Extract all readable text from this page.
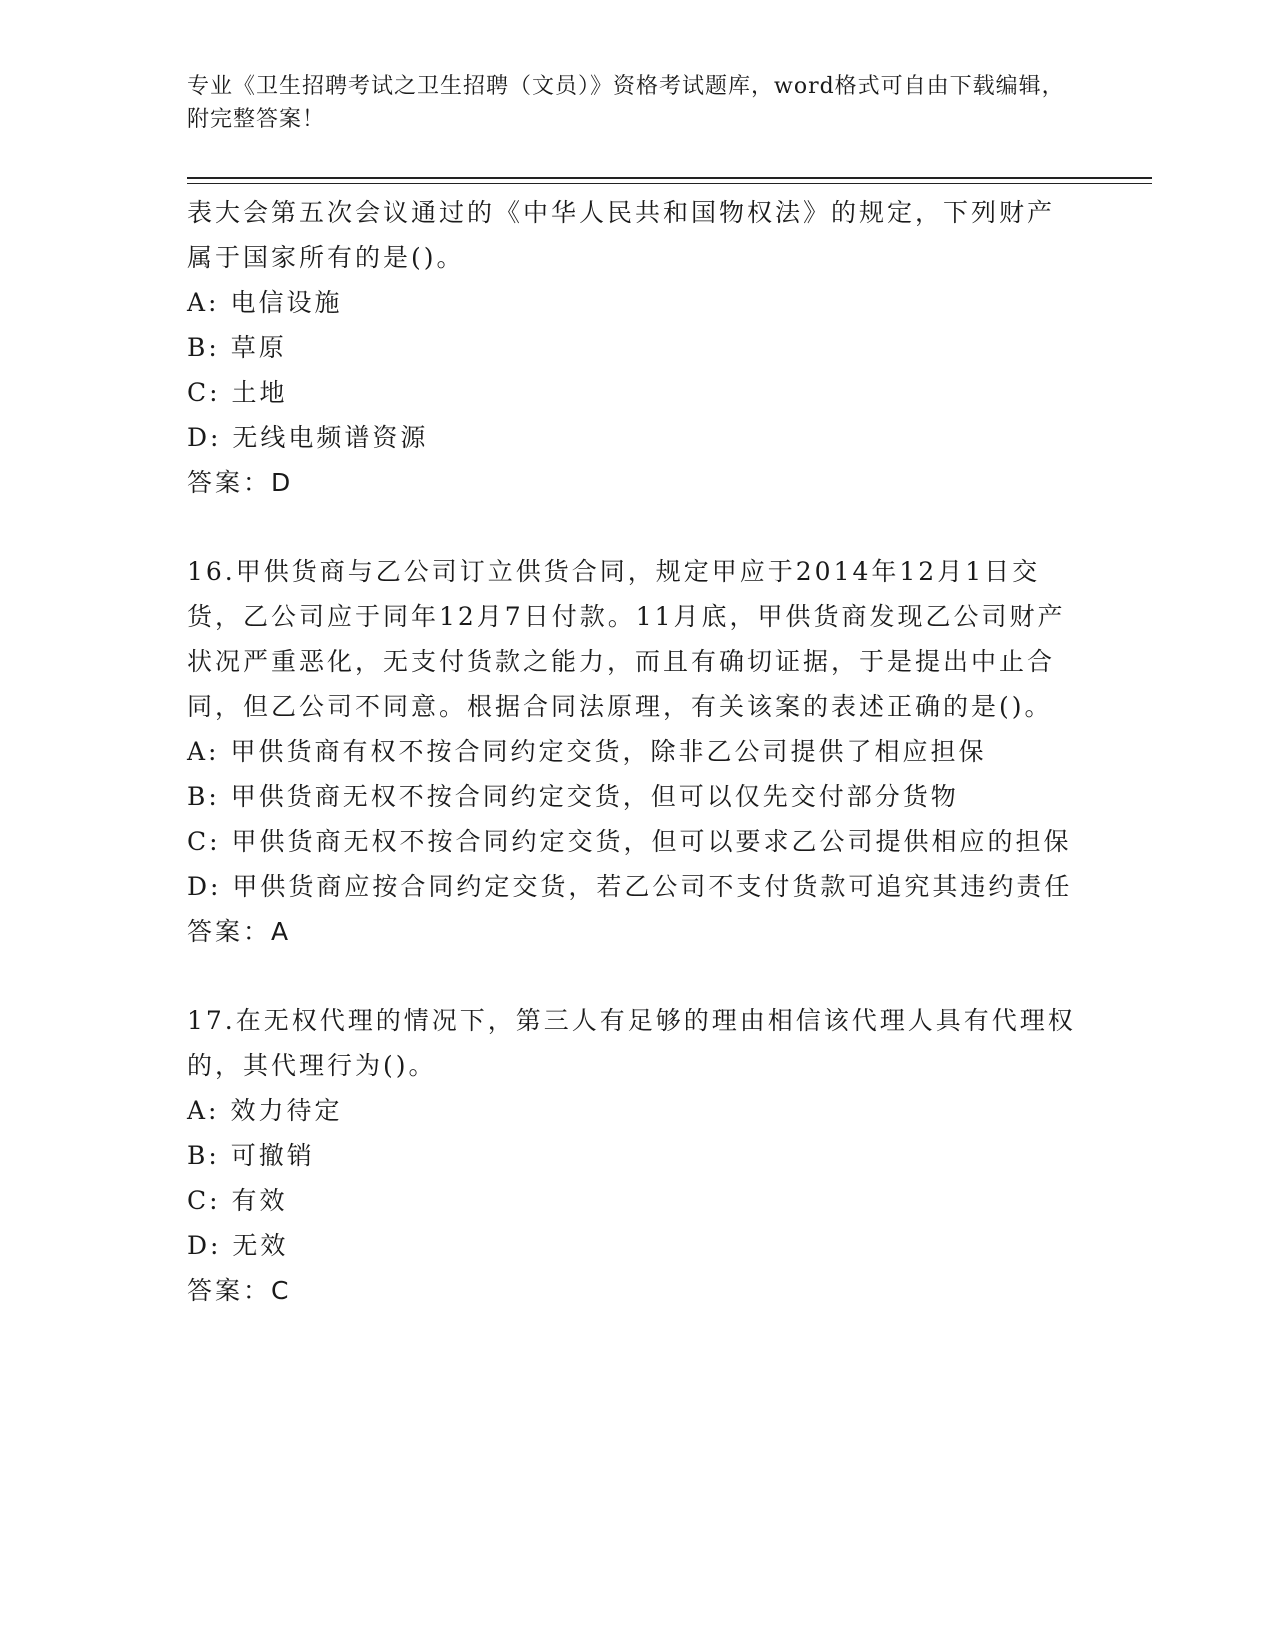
专业《卫生招聘考试之卫生招聘（文员）》资格考试题库，word格式可自由下载编辑，附完整答案！
表大会第五次会议通过的《中华人民共和国物权法》的规定，下列财产属于国家所有的是()。
A: 电信设施
B: 草原
C: 土地
D: 无线电频谱资源
答案：D
16.甲供货商与乙公司订立供货合同，规定甲应于2014年12月1日交货，乙公司应于同年12月7日付款。11月底，甲供货商发现乙公司财产状况严重恶化，无支付货款之能力，而且有确切证据，于是提出中止合同，但乙公司不同意。根据合同法原理，有关该案的表述正确的是()。
A: 甲供货商有权不按合同约定交货，除非乙公司提供了相应担保
B: 甲供货商无权不按合同约定交货，但可以仅先交付部分货物
C: 甲供货商无权不按合同约定交货，但可以要求乙公司提供相应的担保
D: 甲供货商应按合同约定交货，若乙公司不支付货款可追究其违约责任
答案：A
17.在无权代理的情况下，第三人有足够的理由相信该代理人具有代理权的，其代理行为()。
A: 效力待定
B: 可撤销
C: 有效
D: 无效
答案：C
